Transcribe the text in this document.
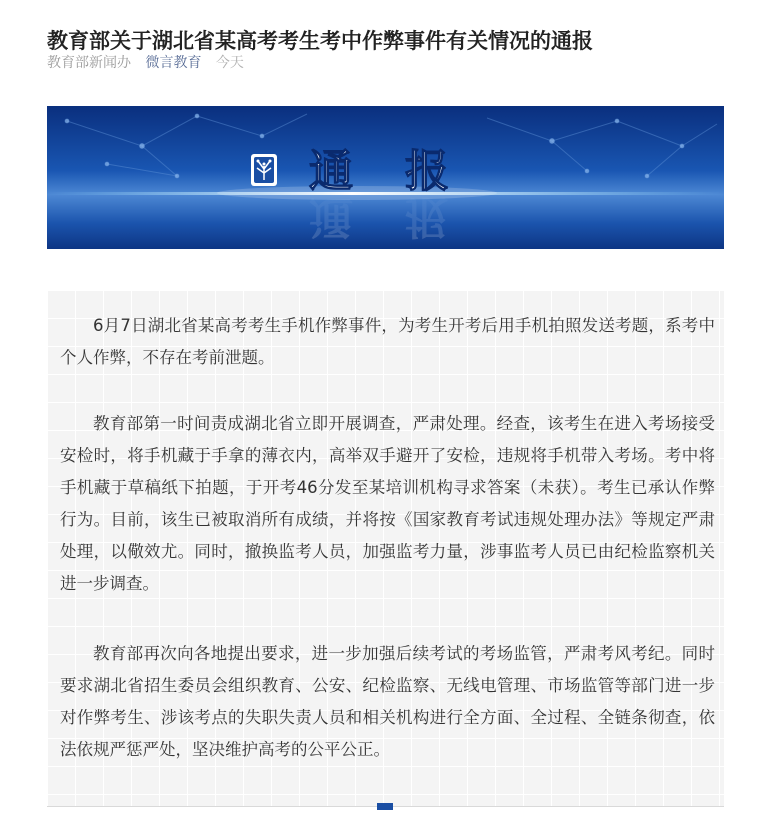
教育部关于湖北省某高考考生考中作弊事件有关情况的通报
教育部新闻办 微言教育 今天
通　报
通　报

6月7日湖北省某高考考生手机作弊事件，为考生开考后用手机拍照发送考题，系考中个人作弊，不存在考前泄题。

教育部第一时间责成湖北省立即开展调查，严肃处理。经查，该考生在进入考场接受安检时，将手机藏于手拿的薄衣内，高举双手避开了安检，违规将手机带入考场。考中将手机藏于草稿纸下拍题，于开考46分发至某培训机构寻求答案（未获）。考生已承认作弊行为。目前，该生已被取消所有成绩，并将按《国家教育考试违规处理办法》等规定严肃处理，以儆效尤。同时，撤换监考人员，加强监考力量，涉事监考人员已由纪检监察机关进一步调查。

教育部再次向各地提出要求，进一步加强后续考试的考场监管，严肃考风考纪。同时要求湖北省招生委员会组织教育、公安、纪检监察、无线电管理、市场监管等部门进一步对作弊考生、涉该考点的失职失责人员和相关机构进行全方面、全过程、全链条彻查，依法依规严惩严处，坚决维护高考的公平公正。
